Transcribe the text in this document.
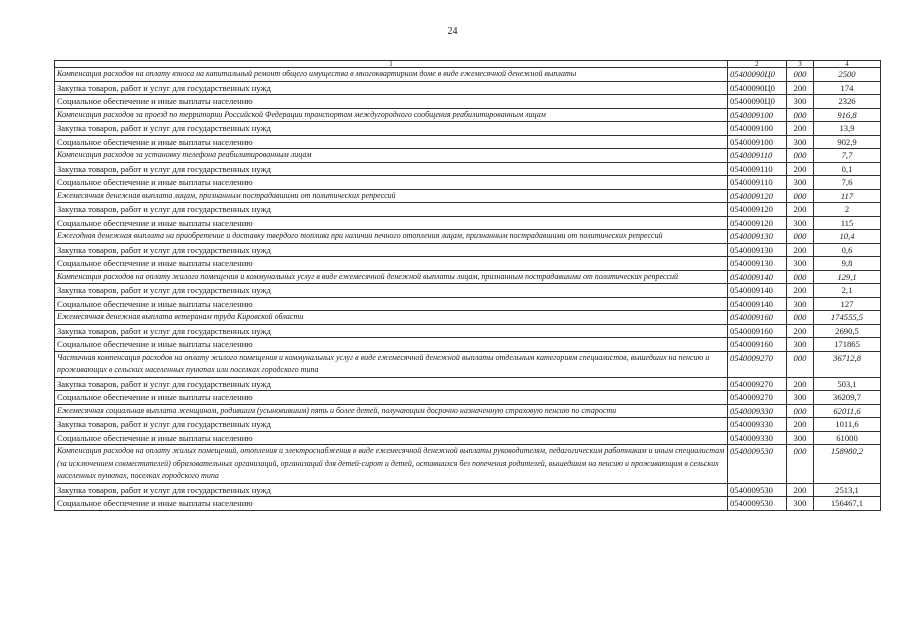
24
1	2	3	4
Компенсация расходов на оплату взноса на капитальный ремонт общего имущества в многоквартирном доме в виде ежемесячной денежной выплаты	05400090Ц0	000	2500
Закупка товаров, работ и услуг для государственных нужд	05400090Ц0	200	174
Социальное обеспечение и иные выплаты населению	05400090Ц0	300	2326
Компенсация расходов за проезд по территории Российской Федерации транспортом междугородного сообщения реабилитированным лицам	0540009100	000	916,8
Закупка товаров, работ и услуг для государственных нужд	0540009100	200	13,9
Социальное обеспечение и иные выплаты населению	0540009100	300	902,9
Компенсация расходов за установку телефона реабилитированным лицам	0540009110	000	7,7
Закупка товаров, работ и услуг для государственных нужд	0540009110	200	0,1
Социальное обеспечение и иные выплаты населению	0540009110	300	7,6
Ежемесячная денежная выплата лицам, признанным пострадавшими от политических репрессий	0540009120	000	117
Закупка товаров, работ и услуг для государственных нужд	0540009120	200	2
Социальное обеспечение и иные выплаты населению	0540009120	300	115
Ежегодная денежная выплата на приобретение и доставку твердого топлива при наличии печного отопления лицам, признанным пострадавшими от политических репрессий	0540009130	000	10,4
Закупка товаров, работ и услуг для государственных нужд	0540009130	200	0,6
Социальное обеспечение и иные выплаты населению	0540009130	300	9,8
Компенсация расходов на оплату жилого помещения и коммунальных услуг в виде ежемесячной денежной выплаты лицам, признанным пострадавшими от политических репрессий	0540009140	000	129,1
Закупка товаров, работ и услуг для государственных нужд	0540009140	200	2,1
Социальное обеспечение и иные выплаты населению	0540009140	300	127
Ежемесячная денежная выплата ветеранам труда Кировской области	0540009160	000	174555,5
Закупка товаров, работ и услуг для государственных нужд	0540009160	200	2690,5
Социальное обеспечение и иные выплаты населению	0540009160	300	171865
Частичная компенсация расходов на оплату жилого помещения и коммунальных услуг в виде ежемесячной денежной выплаты отдельным категориям специалистов, вышедших на пенсию и проживающих в сельских населенных пунктах или поселках городского типа	0540009270	000	36712,8
Закупка товаров, работ и услуг для государственных нужд	0540009270	200	503,1
Социальное обеспечение и иные выплаты населению	0540009270	300	36209,7
Ежемесячная социальная выплата женщинам, родившим (усыновившим) пять и более детей, получающим досрочно назначенную страховую пенсию по старости	0540009330	000	62011,6
Закупка товаров, работ и услуг для государственных нужд	0540009330	200	1011,6
Социальное обеспечение и иные выплаты населению	0540009330	300	61000
Компенсация расходов на оплату жилых помещений, отопления и электроснабжения в виде ежемесячной денежной выплаты руководителям, педагогическим работникам и иным специалистам (за исключением совместителей) образовательных организаций, организаций для детей-сирот и детей, оставшихся без попечения родителей, вышедшим на пенсию и проживающим в сельских населенных пунктах, поселках городского типа	0540009530	000	158980,2
Закупка товаров, работ и услуг для государственных нужд	0540009530	200	2513,1
Социальное обеспечение и иные выплаты населению	0540009530	300	156467,1
